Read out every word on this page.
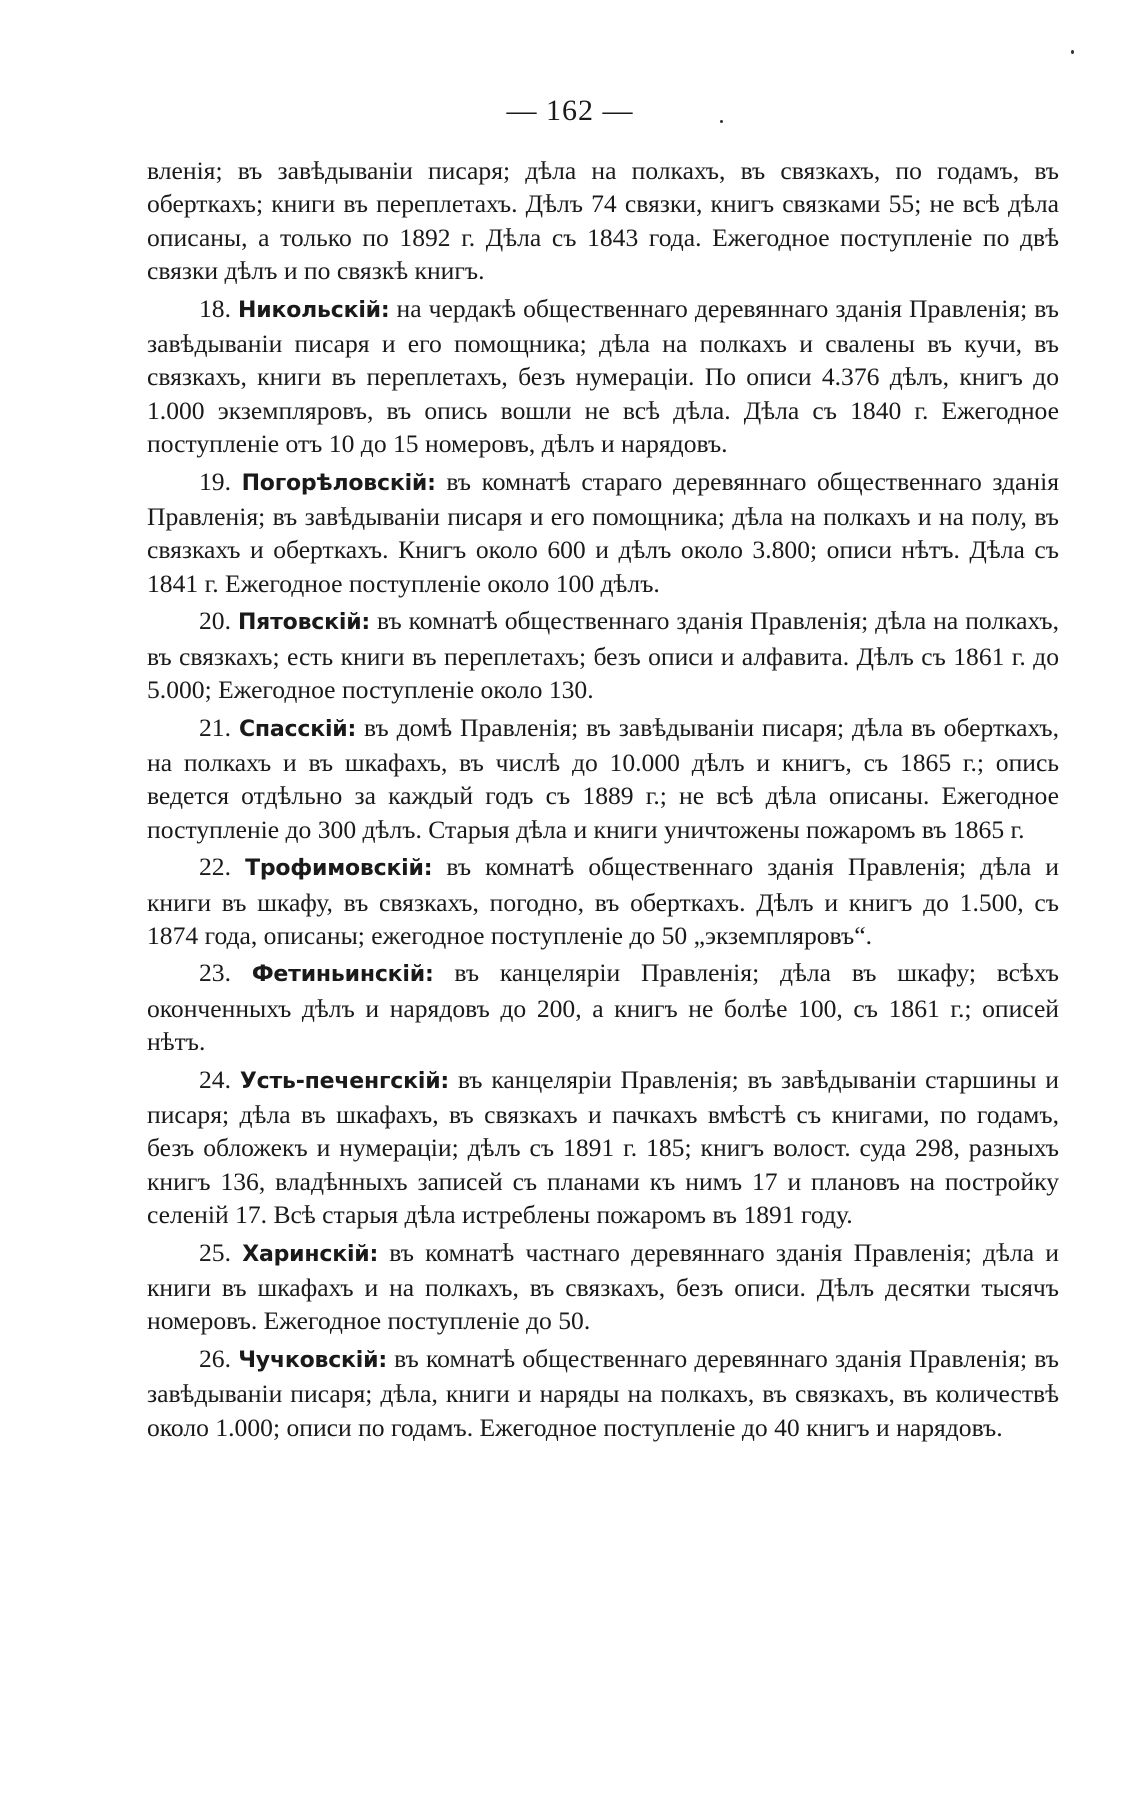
— 162 —

вленія; въ завѣдываніи писаря; дѣла на полкахъ, въ связкахъ, по годамъ, въ оберткахъ; книги въ переплетахъ. Дѣлъ 74 связки, книгъ связками 55; не всѣ дѣла описаны, а только по 1892 г. Дѣла съ 1843 года. Ежегодное поступленіе по двѣ связки дѣлъ и по связкѣ книгъ.

18. Никольскій: на чердакѣ общественнаго деревяннаго зданія Правленія; въ завѣдываніи писаря и его помощника; дѣла на полкахъ и свалены въ кучи, въ связкахъ, книги въ переплетахъ, безъ нумераціи. По описи 4.376 дѣлъ, книгъ до 1.000 экземпляровъ, въ опись вошли не всѣ дѣла. Дѣла съ 1840 г. Ежегодное поступленіе отъ 10 до 15 номеровъ, дѣлъ и нарядовъ.

19. Погорѣловскій: въ комнатѣ стараго деревяннаго общественнаго зданія Правленія; въ завѣдываніи писаря и его помощника; дѣла на полкахъ и на полу, въ связкахъ и оберткахъ. Книгъ около 600 и дѣлъ около 3.800; описи нѣтъ. Дѣла съ 1841 г. Ежегодное поступленіе около 100 дѣлъ.

20. Пятовскій: въ комнатѣ общественнаго зданія Правленія; дѣла на полкахъ, въ связкахъ; есть книги въ переплетахъ; безъ описи и алфавита. Дѣлъ съ 1861 г. до 5.000; Ежегодное поступленіе около 130.

21. Спасскій: въ домѣ Правленія; въ завѣдываніи писаря; дѣла въ оберткахъ, на полкахъ и въ шкафахъ, въ числѣ до 10.000 дѣлъ и книгъ, съ 1865 г.; опись ведется отдѣльно за каждый годъ съ 1889 г.; не всѣ дѣла описаны. Ежегодное поступленіе до 300 дѣлъ. Старыя дѣла и книги уничтожены пожаромъ въ 1865 г.

22. Трофимовскій: въ комнатѣ общественнаго зданія Правленія; дѣла и книги въ шкафу, въ связкахъ, погодно, въ оберткахъ. Дѣлъ и книгъ до 1.500, съ 1874 года, описаны; ежегодное поступленіе до 50 „экземпляровъ“.

23. Фетиньинскій: въ канцеляріи Правленія; дѣла въ шкафу; всѣхъ оконченныхъ дѣлъ и нарядовъ до 200, а книгъ не болѣе 100, съ 1861 г.; описей нѣтъ.

24. Усть-печенгскій: въ канцеляріи Правленія; въ завѣдываніи старшины и писаря; дѣла въ шкафахъ, въ связкахъ и пачкахъ вмѣстѣ съ книгами, по годамъ, безъ обложекъ и нумераціи; дѣлъ съ 1891 г. 185; книгъ волост. суда 298, разныхъ книгъ 136, владѣнныхъ записей съ планами къ нимъ 17 и плановъ на постройку селеній 17. Всѣ старыя дѣла истреблены пожаромъ въ 1891 году.

25. Харинскій: въ комнатѣ частнаго деревяннаго зданія Правленія; дѣла и книги въ шкафахъ и на полкахъ, въ связкахъ, безъ описи. Дѣлъ десятки тысячъ номеровъ. Ежегодное поступленіе до 50.

26. Чучковскій: въ комнатѣ общественнаго деревяннаго зданія Правленія; въ завѣдываніи писаря; дѣла, книги и наряды на полкахъ, въ связкахъ, въ количествѣ около 1.000; описи по годамъ. Ежегодное поступленіе до 40 книгъ и нарядовъ.
